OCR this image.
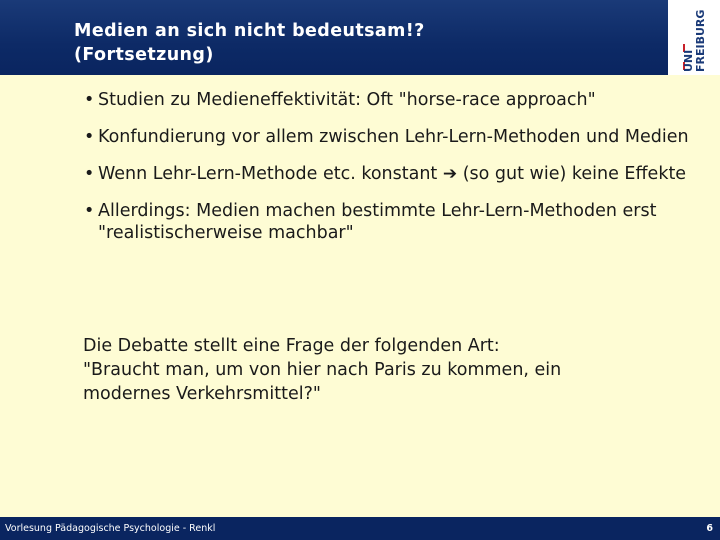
Medien an sich nicht bedeutsam!?
(Fortsetzung)	UNI FREIBURG
• Studien zu Medieneffektivität: Oft "horse-race approach"
• Konfundierung vor allem zwischen Lehr-Lern-Methoden und Medien
• Wenn Lehr-Lern-Methode etc. konstant ➔ (so gut wie) keine Effekte
• Allerdings: Medien machen bestimmte Lehr-Lern-Methoden erst "realistischerweise machbar"
Die Debatte stellt eine Frage der folgenden Art:
"Braucht man, um von hier nach Paris zu kommen, ein
modernes Verkehrsmittel?"
Vorlesung Pädagogische Psychologie - Renkl	6
